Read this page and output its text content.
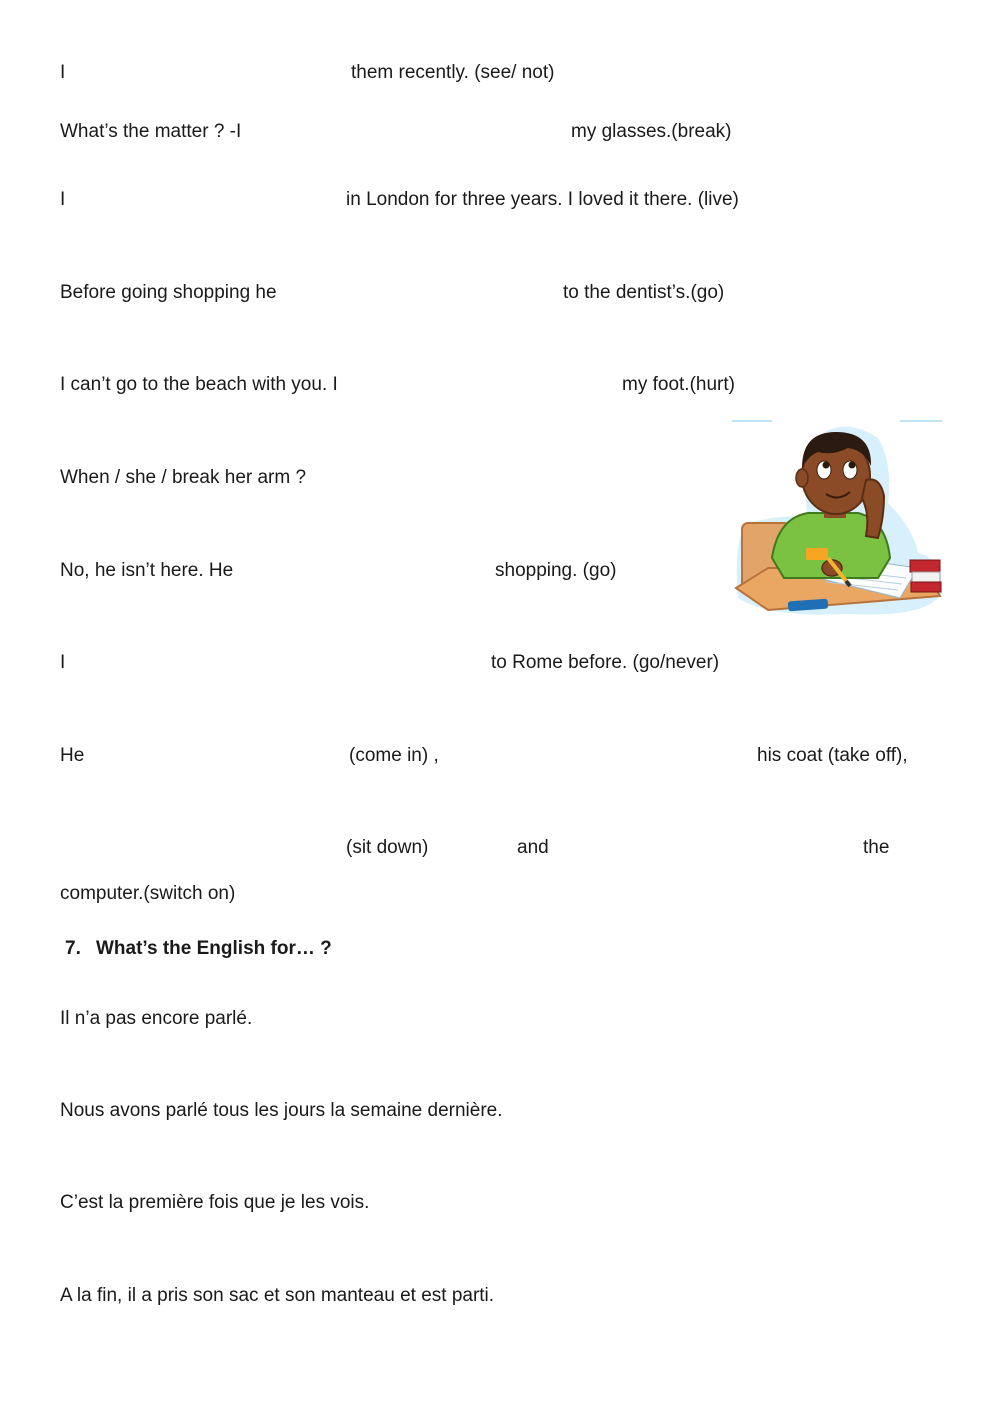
I	them recently. (see/ not)
What’s the matter ? -I	my glasses.(break)
I	in London for three years. I loved it there. (live)
Before going shopping he	to the dentist’s.(go)
I can’t go to the beach with you. I	my foot.(hurt)
When / she / break her arm ?
No, he isn’t here. He	shopping. (go)
I	to Rome before. (go/never)
He	(come in) ,	his coat (take off),
(sit down)	and	the
computer.(switch on)
7. What’s the English for… ?
Il n’a pas encore parlé.
Nous avons parlé tous les jours la semaine dernière.
C’est la première fois que je les vois.
A la fin, il a pris son sac et son manteau et est parti.
